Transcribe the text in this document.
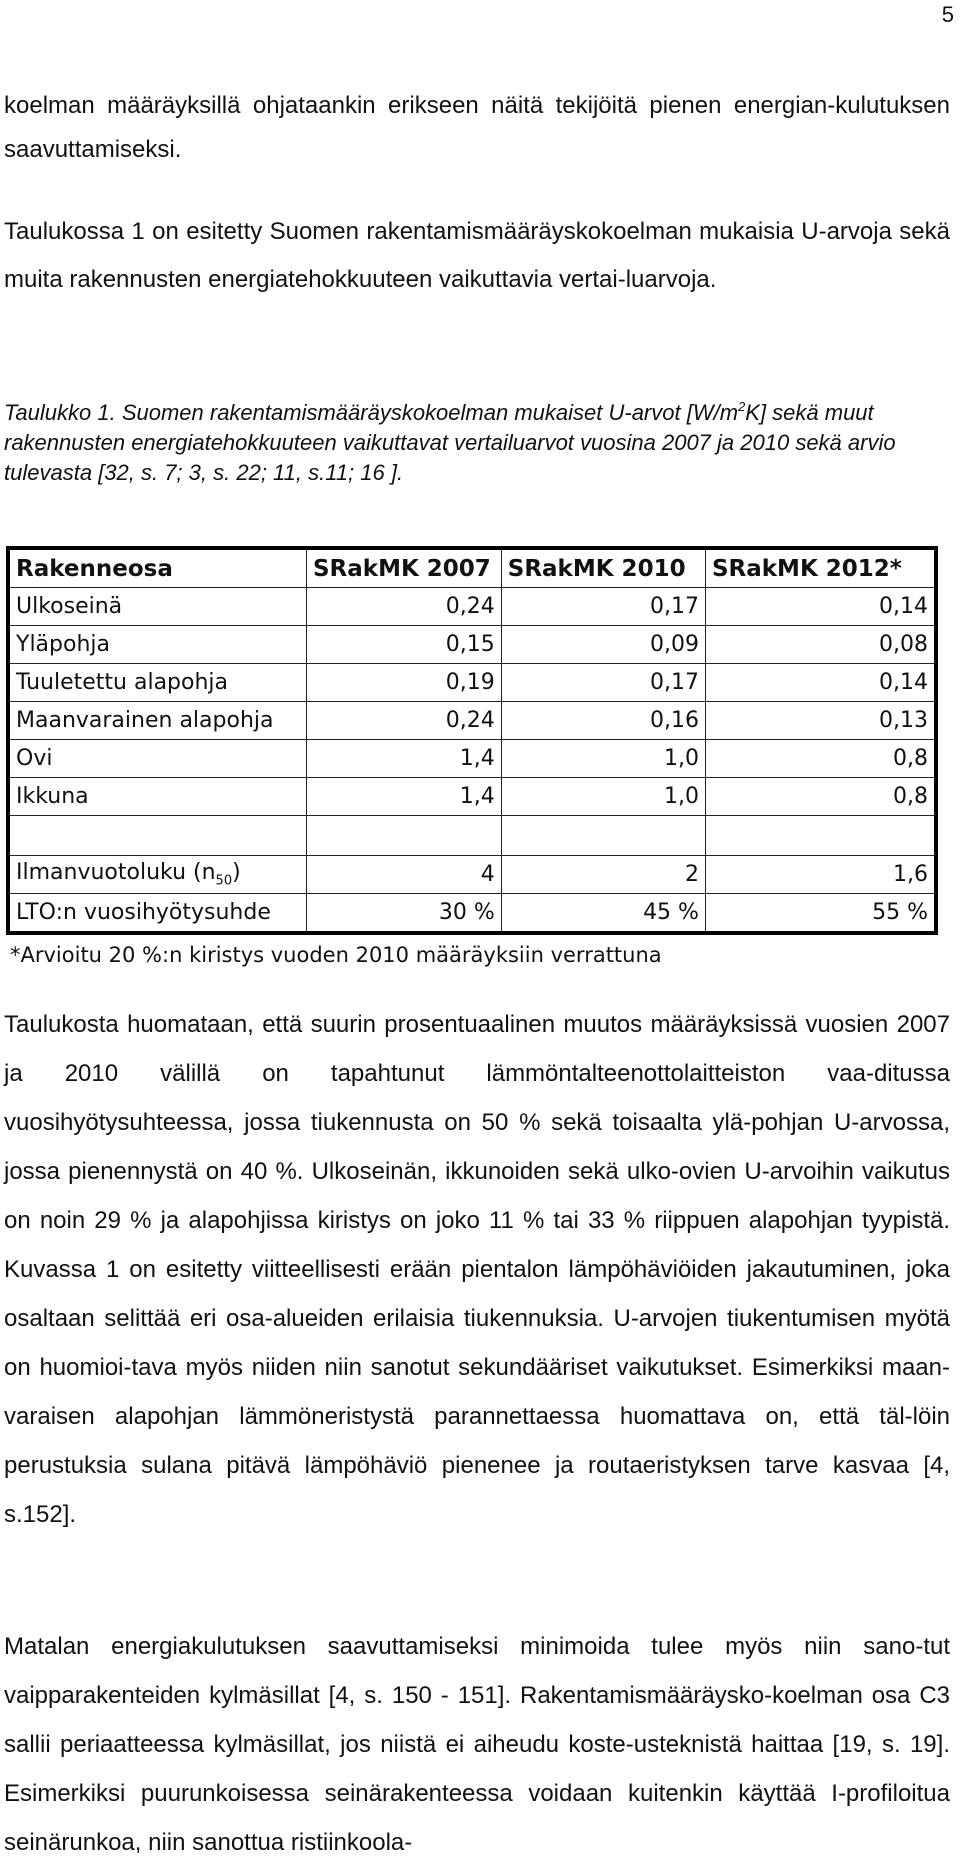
5

koelman määräyksillä ohjataankin erikseen näitä tekijöitä pienen energian-kulutuksen saavuttamiseksi.

Taulukossa 1 on esitetty Suomen rakentamismääräyskokoelman mukaisia U-arvoja sekä muita rakennusten energiatehokkuuteen vaikuttavia vertai-luarvoja.

Taulukko 1. Suomen rakentamismääräyskokoelman mukaiset U-arvot $[W/m^2K]$ sekä muut rakennusten energiatehokkuuteen vaikuttavat vertailuarvot vuosina 2007 ja 2010 sekä arvio tulevasta [32, s. 7; 3, s. 22; 11, s.11; 16 ].
Rakenneosa	SRakMK 2007	SRakMK 2010	SRakMK 2012*
Ulkoseinä	0,24	0,17	0,14
Yläpohja	0,15	0,09	0,08
Tuuletettu alapohja	0,19	0,17	0,14
Maanvarainen alapohja	0,24	0,16	0,13
Ovi	1,4	1,0	0,8
Ikkuna	1,4	1,0	0,8

Ilmanvuotoluku $(n_{50})$	4	2	1,6
LTO:n vuosihyötysuhde	30 %	45 %	55 %
*Arvioitu 20 %:n kiristys vuoden 2010 määräyksiin verrattuna

Taulukosta huomataan, että suurin prosentuaalinen muutos määräyksissä vuosien 2007 ja 2010 välillä on tapahtunut lämmöntalteenottolaitteiston vaa-ditussa vuosihyötysuhteessa, jossa tiukennusta on 50 % sekä toisaalta ylä-pohjan U-arvossa, jossa pienennystä on 40 %. Ulkoseinän, ikkunoiden sekä ulko-ovien U-arvoihin vaikutus on noin 29 % ja alapohjissa kiristys on joko 11 % tai 33 % riippuen alapohjan tyypistä. Kuvassa 1 on esitetty viitteellisesti erään pientalon lämpöhäviöiden jakautuminen, joka osaltaan selittää eri osa-alueiden erilaisia tiukennuksia. U-arvojen tiukentumisen myötä on huomioi-tava myös niiden niin sanotut sekundääriset vaikutukset. Esimerkiksi maan-varaisen alapohjan lämmöneristystä parannettaessa huomattava on, että täl-löin perustuksia sulana pitävä lämpöhäviö pienenee ja routaeristyksen tarve kasvaa [4, s.152].

Matalan energiakulutuksen saavuttamiseksi minimoida tulee myös niin sano-tut vaipparakenteiden kylmäsillat [4, s. 150 - 151]. Rakentamismääräysko-koelman osa C3 sallii periaatteessa kylmäsillat, jos niistä ei aiheudu koste-usteknistä haittaa [19, s. 19]. Esimerkiksi puurunkoisessa seinärakenteessa voidaan kuitenkin käyttää I-profiloitua seinärunkoa, niin sanottua ristiinkoola-
